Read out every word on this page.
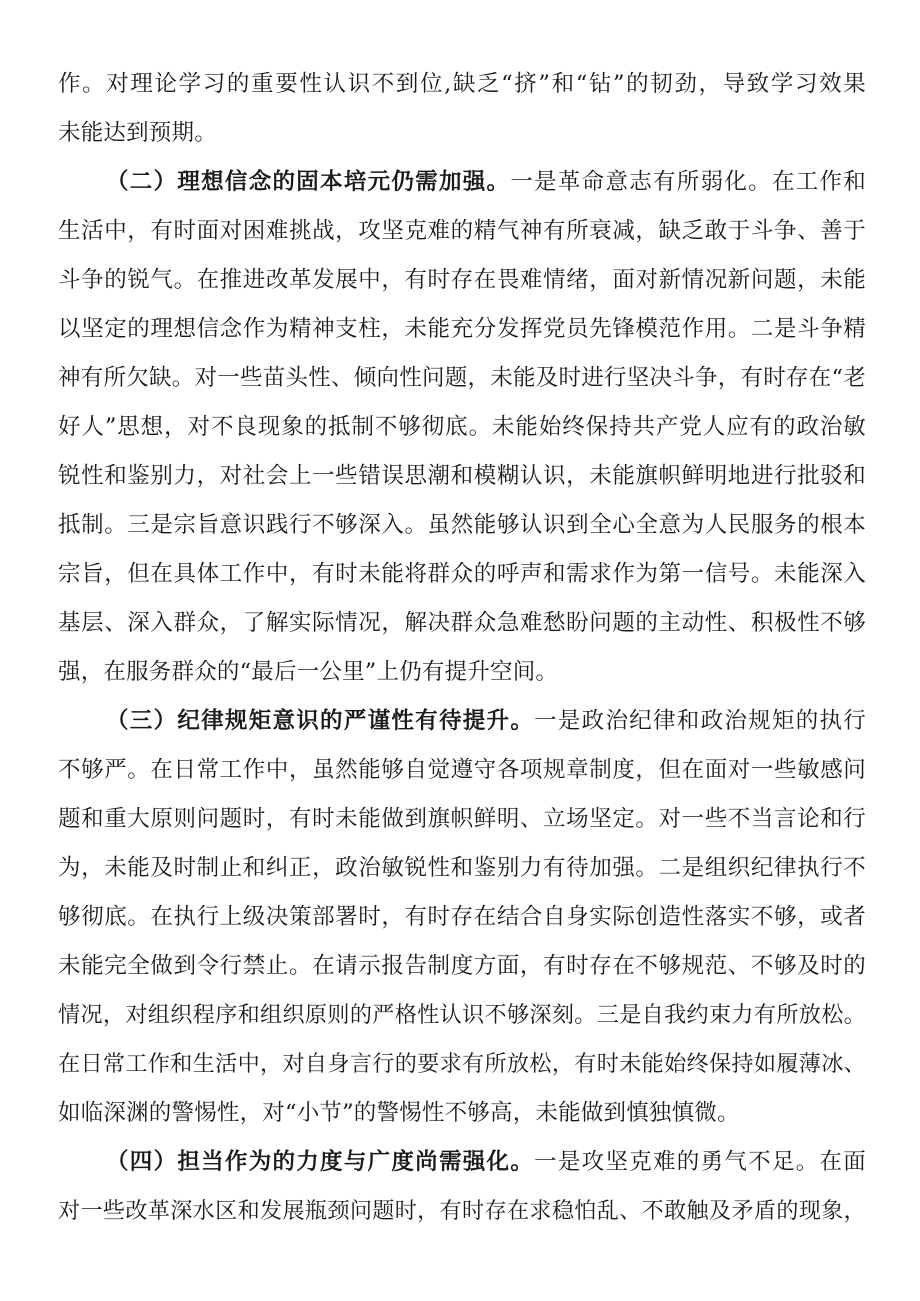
作。对理论学习的重要性认识不到位,缺乏“挤”和“钻”的韧劲，导致学习效果
未能达到预期。
（二）理想信念的固本培元仍需加强。一是革命意志有所弱化。在工作和
生活中，有时面对困难挑战，攻坚克难的精气神有所衰减，缺乏敢于斗争、善于
斗争的锐气。在推进改革发展中，有时存在畏难情绪，面对新情况新问题，未能
以坚定的理想信念作为精神支柱，未能充分发挥党员先锋模范作用。二是斗争精
神有所欠缺。对一些苗头性、倾向性问题，未能及时进行坚决斗争，有时存在“老
好人”思想，对不良现象的抵制不够彻底。未能始终保持共产党人应有的政治敏
锐性和鉴别力，对社会上一些错误思潮和模糊认识，未能旗帜鲜明地进行批驳和
抵制。三是宗旨意识践行不够深入。虽然能够认识到全心全意为人民服务的根本
宗旨，但在具体工作中，有时未能将群众的呼声和需求作为第一信号。未能深入
基层、深入群众，了解实际情况，解决群众急难愁盼问题的主动性、积极性不够
强，在服务群众的“最后一公里”上仍有提升空间。
（三）纪律规矩意识的严谨性有待提升。一是政治纪律和政治规矩的执行
不够严。在日常工作中，虽然能够自觉遵守各项规章制度，但在面对一些敏感问
题和重大原则问题时，有时未能做到旗帜鲜明、立场坚定。对一些不当言论和行
为，未能及时制止和纠正，政治敏锐性和鉴别力有待加强。二是组织纪律执行不
够彻底。在执行上级决策部署时，有时存在结合自身实际创造性落实不够，或者
未能完全做到令行禁止。在请示报告制度方面，有时存在不够规范、不够及时的
情况，对组织程序和组织原则的严格性认识不够深刻。三是自我约束力有所放松。
在日常工作和生活中，对自身言行的要求有所放松，有时未能始终保持如履薄冰、
如临深渊的警惕性，对“小节”的警惕性不够高，未能做到慎独慎微。
（四）担当作为的力度与广度尚需强化。一是攻坚克难的勇气不足。在面
对一些改革深水区和发展瓶颈问题时，有时存在求稳怕乱、不敢触及矛盾的现象，
